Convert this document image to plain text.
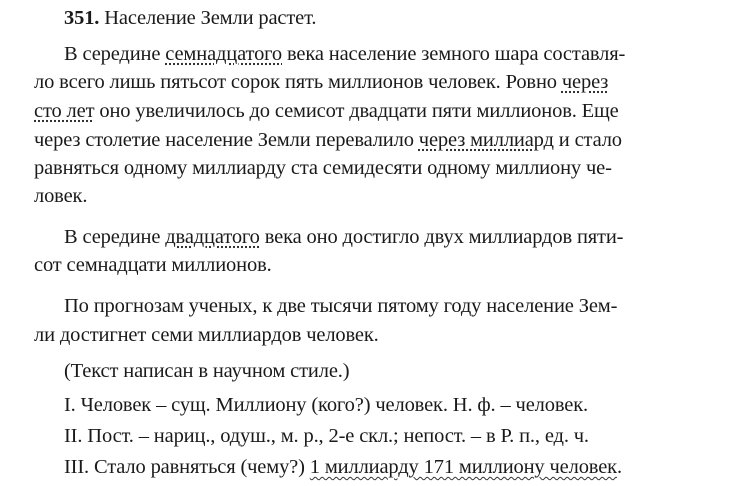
351. Население Земли растет.
В середине семнадцатого века население земного шара составля-
ло всего лишь пятьсот сорок пять миллионов человек. Ровно через
сто лет оно увеличилось до семисот двадцати пяти миллионов. Еще
через столетие население Земли перевалило через миллиард и стало
равняться одному миллиарду ста семидесяти одному миллиону че-
ловек.
В середине двадцатого века оно достигло двух миллиардов пяти-
сот семнадцати миллионов.
По прогнозам ученых, к две тысячи пятому году население Зем-
ли достигнет семи миллиардов человек.
(Текст написан в научном стиле.)
I. Человек – сущ. Миллиону (кого?) человек. Н. ф. – человек.
II. Пост. – нариц., одуш., м. р., 2-е скл.; непост. – в Р. п., ед. ч.
III. Стало равняться (чему?) 1 миллиарду 171 миллиону человек.
